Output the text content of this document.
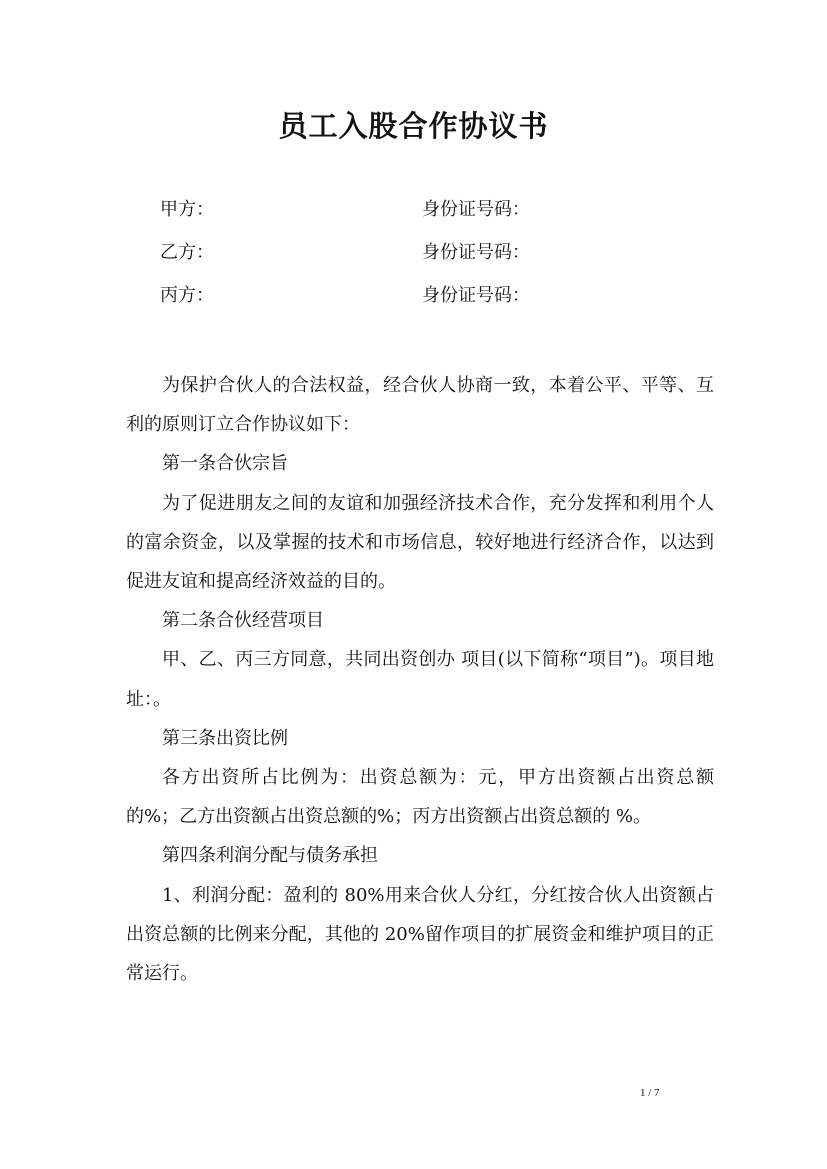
员工入股合作协议书
甲方：	身份证号码：
乙方：	身份证号码：
丙方：	身份证号码：

为保护合伙人的合法权益，经合伙人协商一致，本着公平、平等、互利的原则订立合作协议如下：

第一条合伙宗旨

为了促进朋友之间的友谊和加强经济技术合作，充分发挥和利用个人的富余资金，以及掌握的技术和市场信息，较好地进行经济合作，以达到促进友谊和提高经济效益的目的。

第二条合伙经营项目

甲、乙、丙三方同意，共同出资创办 项目(以下简称“项目”)。项目地址：。

第三条出资比例

各方出资所占比例为：出资总额为：元，甲方出资额占出资总额的%；乙方出资额占出资总额的%；丙方出资额占出资总额的 %。

第四条利润分配与债务承担

1、利润分配：盈利的 80%用来合伙人分红，分红按合伙人出资额占出资总额的比例来分配，其他的 20%留作项目的扩展资金和维护项目的正常运行。

1 / 7
